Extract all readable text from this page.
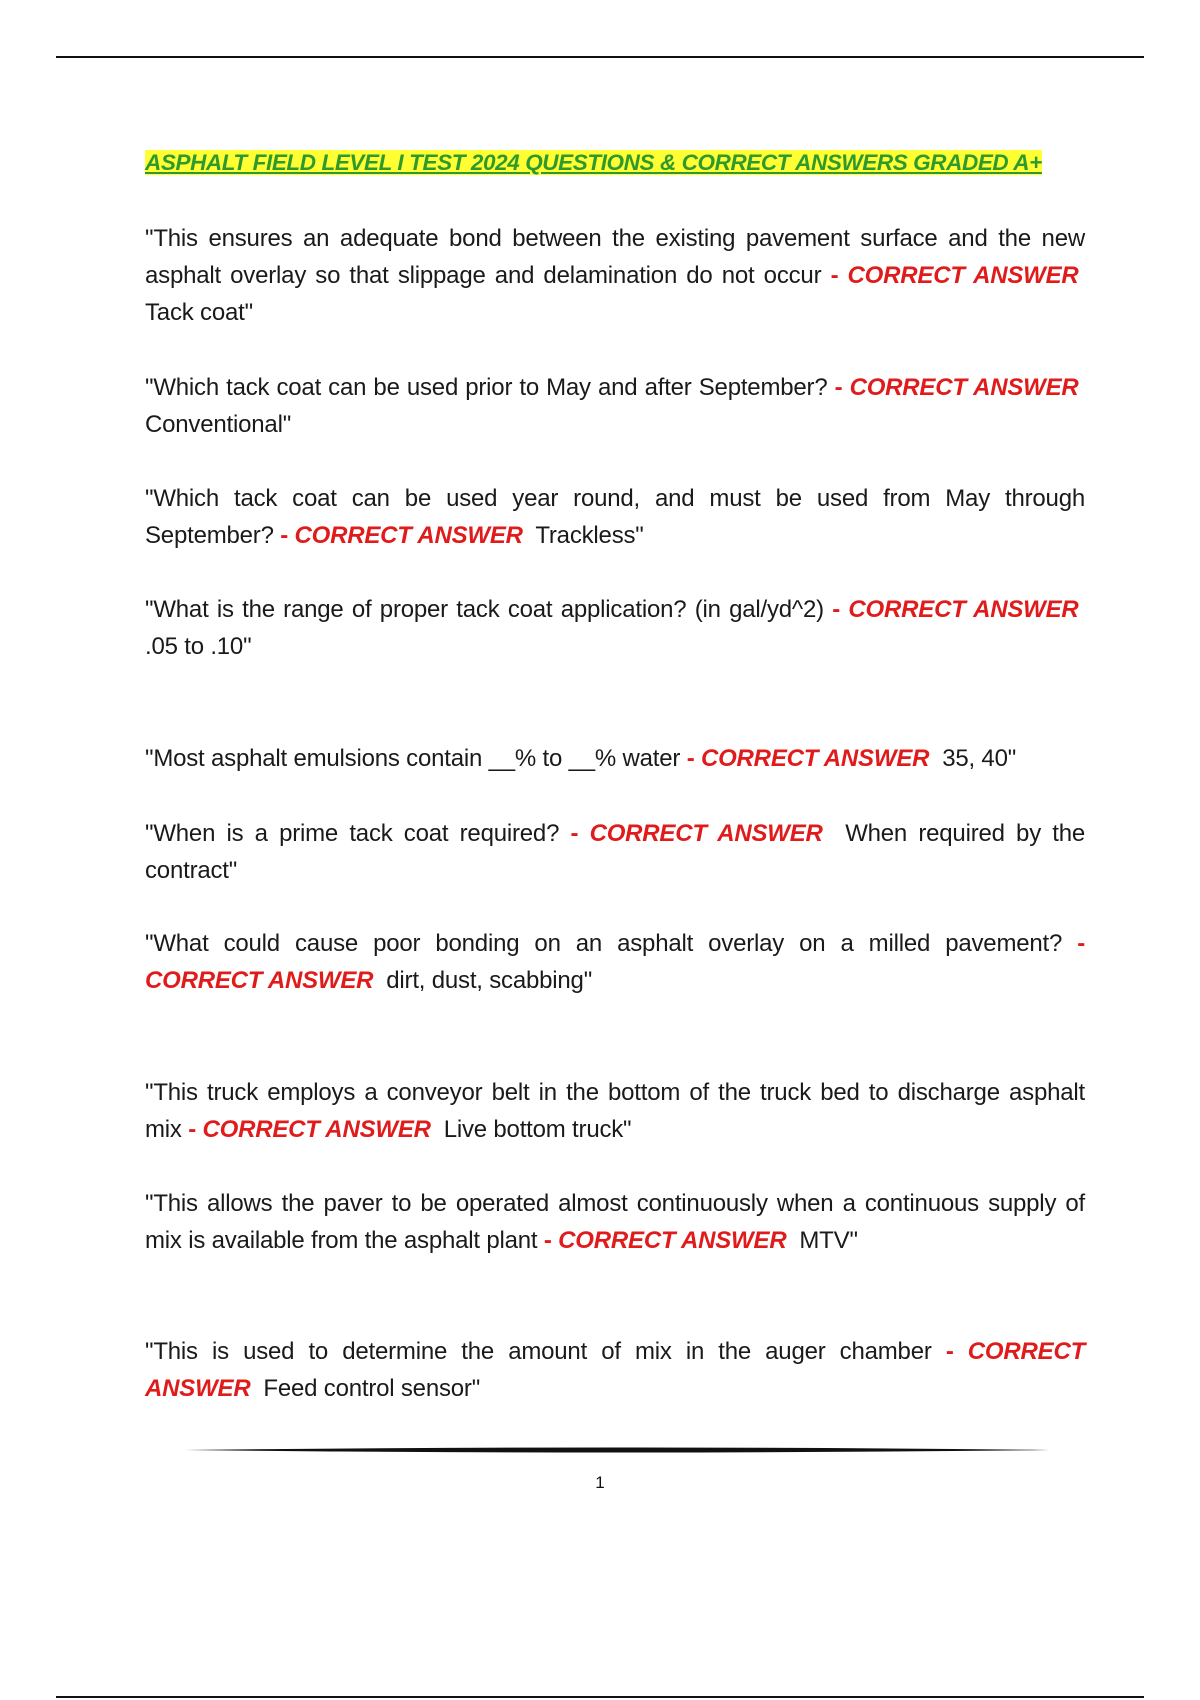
ASPHALT FIELD LEVEL I TEST 2024 QUESTIONS & CORRECT ANSWERS GRADED A+

"This ensures an adequate bond between the existing pavement surface and the new asphalt overlay so that slippage and delamination do not occur - CORRECT ANSWER  Tack coat"

"Which tack coat can be used prior to May and after September? - CORRECT ANSWER  Conventional"

"Which tack coat can be used year round, and must be used from May through September? - CORRECT ANSWER Trackless"

"What is the range of proper tack coat application? (in gal/yd^2) - CORRECT ANSWER  .05 to .10"

"Most asphalt emulsions contain __% to __% water - CORRECT ANSWER 35, 40"

"When is a prime tack coat required? - CORRECT ANSWER When required by the contract"

"What could cause poor bonding on an asphalt overlay on a milled pavement? - CORRECT ANSWER dirt, dust, scabbing"

"This truck employs a conveyor belt in the bottom of the truck bed to discharge asphalt mix - CORRECT ANSWER Live bottom truck"

"This allows the paver to be operated almost continuously when a continuous supply of mix is available from the asphalt plant - CORRECT ANSWER MTV"

"This is used to determine the amount of mix in the auger chamber - CORRECT ANSWER Feed control sensor"

1
